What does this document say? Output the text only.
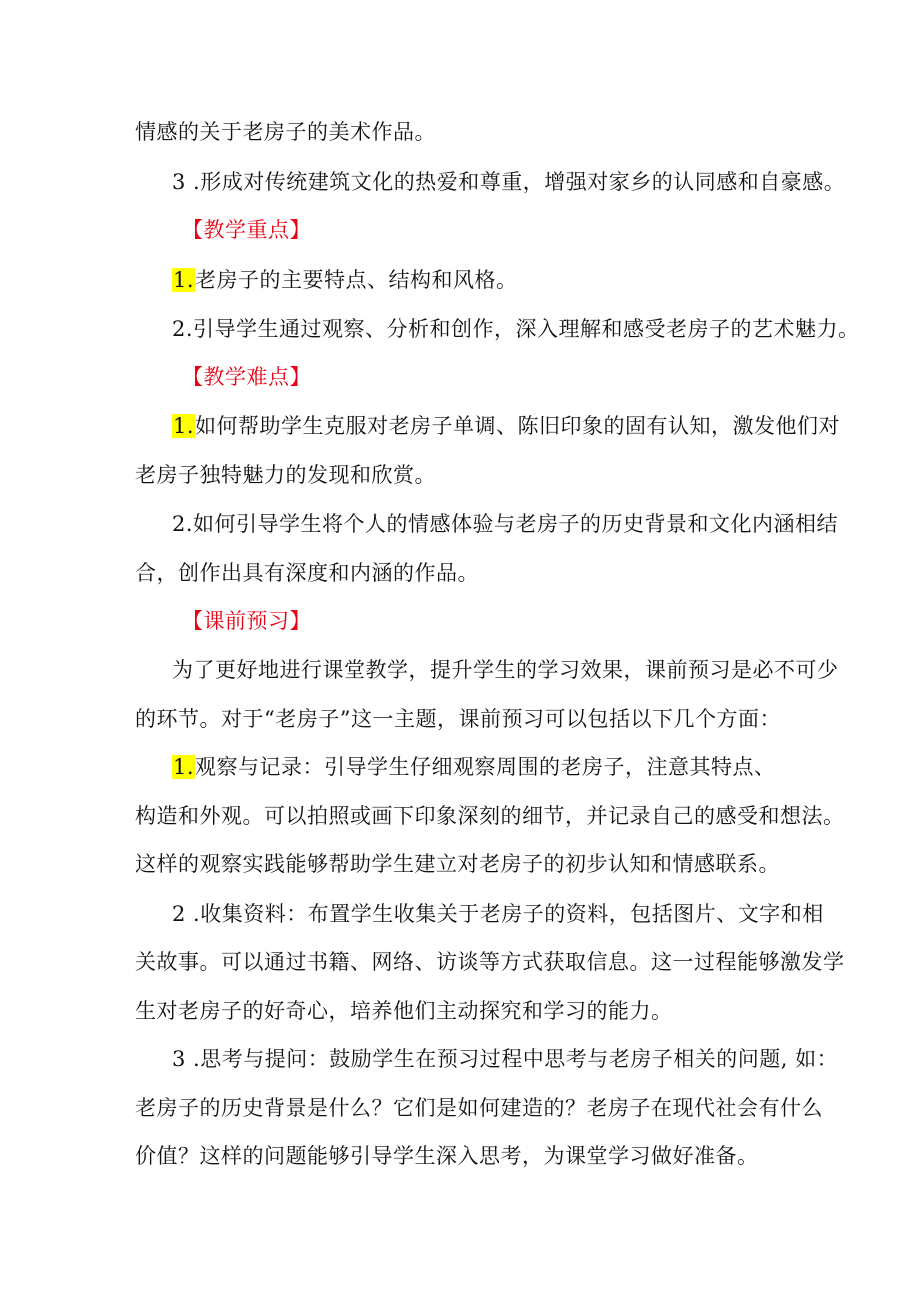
情感的关于老房子的美术作品。
3 .形成对传统建筑文化的热爱和尊重，增强对家乡的认同感和自豪感。
【教学重点】
1.老房子的主要特点、结构和风格。
2.引导学生通过观察、分析和创作，深入理解和感受老房子的艺术魅力。
【教学难点】
1.如何帮助学生克服对老房子单调、陈旧印象的固有认知，激发他们对
老房子独特魅力的发现和欣赏。
2.如何引导学生将个人的情感体验与老房子的历史背景和文化内涵相结
合，创作出具有深度和内涵的作品。
【课前预习】
为了更好地进行课堂教学，提升学生的学习效果，课前预习是必不可少
的环节。对于“老房子”这一主题，课前预习可以包括以下几个方面：
1.观察与记录：引导学生仔细观察周围的老房子，注意其特点、
构造和外观。可以拍照或画下印象深刻的细节，并记录自己的感受和想法。
这样的观察实践能够帮助学生建立对老房子的初步认知和情感联系。
2 .收集资料：布置学生收集关于老房子的资料，包括图片、文字和相
关故事。可以通过书籍、网络、访谈等方式获取信息。这一过程能够激发学
生对老房子的好奇心，培养他们主动探究和学习的能力。
3 .思考与提问：鼓励学生在预习过程中思考与老房子相关的问题, 如：
老房子的历史背景是什么？它们是如何建造的？老房子在现代社会有什么
价值？这样的问题能够引导学生深入思考，为课堂学习做好准备。
